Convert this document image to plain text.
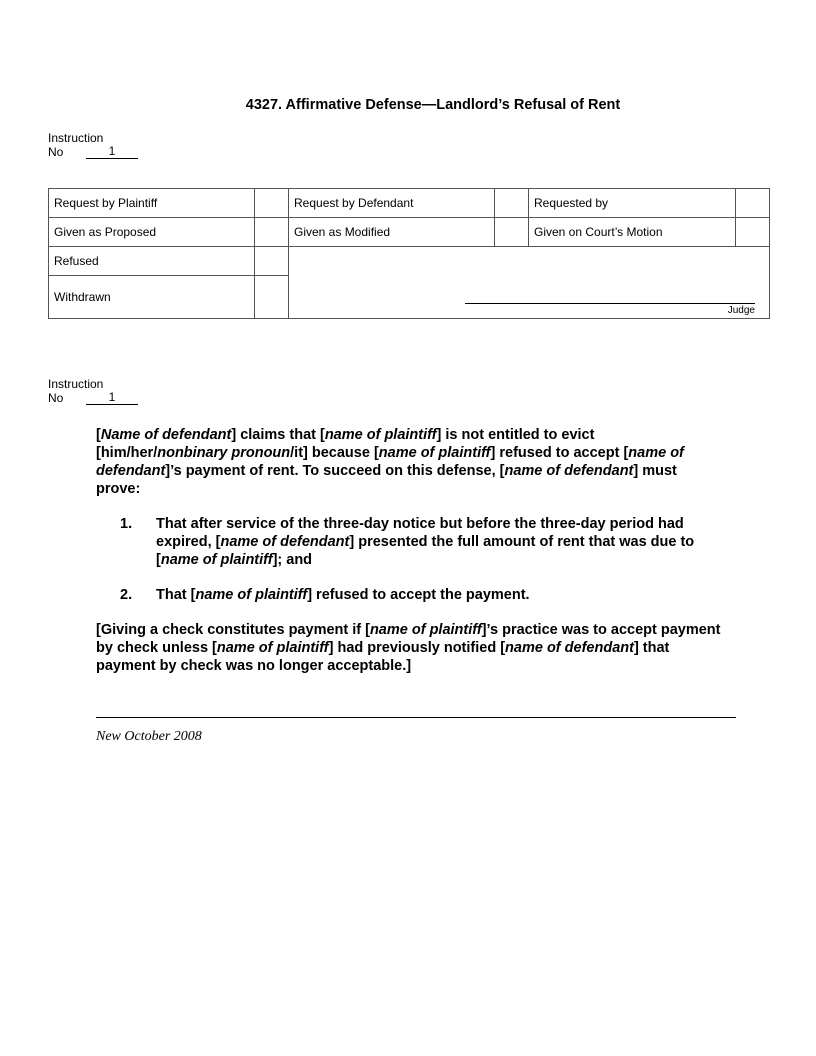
4327. Affirmative Defense—Landlord’s Refusal of Rent
Instruction
No	1
Request by Plaintiff		Request by Defendant		Requested by	
Given as Proposed		Given as Modified		Given on Court’s Motion	
Refused		Judge			

Withdrawn					
Instruction
No	1

[Name of defendant] claims that [name of plaintiff] is not entitled to evict [him/her/nonbinary pronoun/it] because [name of plaintiff] refused to accept [name of defendant]’s payment of rent. To succeed on this defense, [name of defendant] must prove:

1.	That after service of the three-day notice but before the three-day period had expired, [name of defendant] presented the full amount of rent that was due to [name of plaintiff]; and
2.	That [name of plaintiff] refused to accept the payment.

[Giving a check constitutes payment if [name of plaintiff]’s practice was to accept payment by check unless [name of plaintiff] had previously notified [name of defendant] that payment by check was no longer acceptable.]

New October 2008
